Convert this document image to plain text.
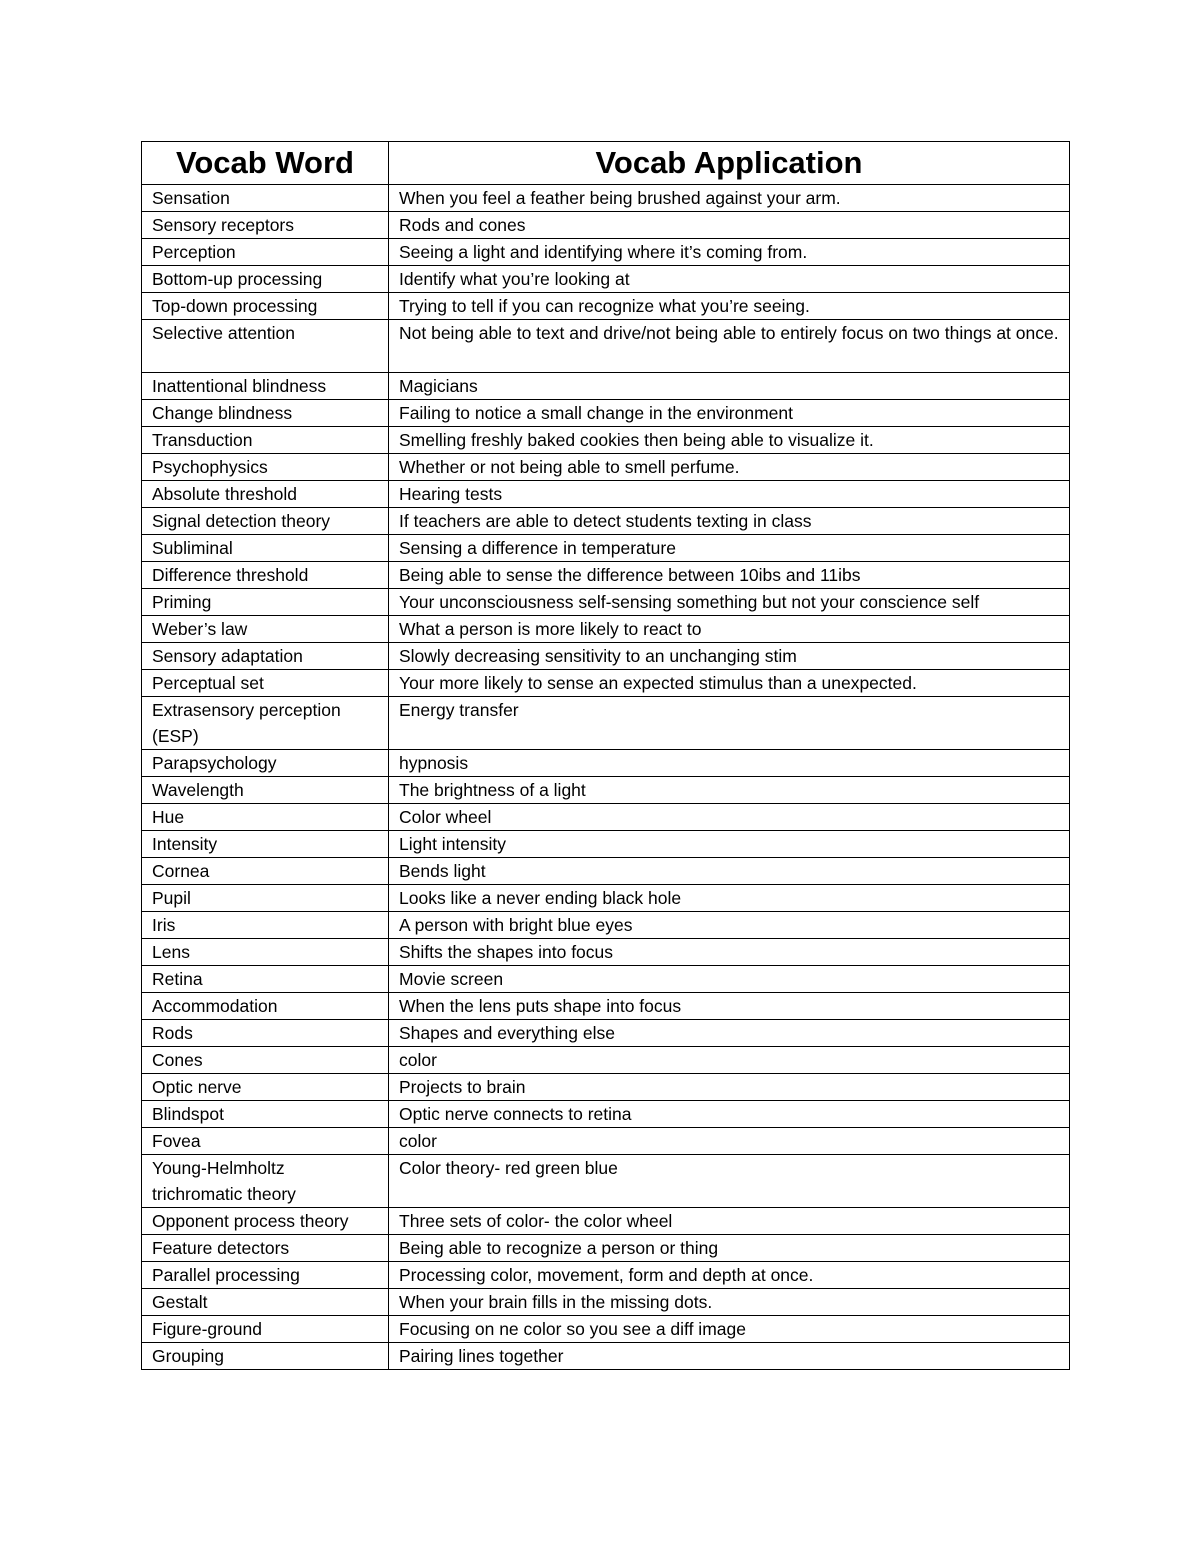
Vocab Word	Vocab Application
Sensation	When you feel a feather being brushed against your arm.
Sensory receptors	Rods and cones
Perception	Seeing a light and identifying where it’s coming from.
Bottom-up processing	Identify what you’re looking at
Top-down processing	Trying to tell if you can recognize what you’re seeing.
Selective attention	Not being able to text and drive/not being able to entirely focus on two things at once.
Inattentional blindness	Magicians
Change blindness	Failing to notice a small change in the environment
Transduction	Smelling freshly baked cookies then being able to visualize it.
Psychophysics	Whether or not being able to smell perfume.
Absolute threshold	Hearing tests
Signal detection theory	If teachers are able to detect students texting in class
Subliminal	Sensing a difference in temperature
Difference threshold	Being able to sense the difference between 10ibs and 11ibs
Priming	Your unconsciousness self-sensing something but not your conscience self
Weber’s law	What a person is more likely to react to
Sensory adaptation	Slowly decreasing sensitivity to an unchanging stim
Perceptual set	Your more likely to sense an expected stimulus than a unexpected.
Extrasensory perception (ESP)	Energy transfer
Parapsychology	hypnosis
Wavelength	The brightness of a light
Hue	Color wheel
Intensity	Light intensity
Cornea	Bends light
Pupil	Looks like a never ending black hole
Iris	A person with bright blue eyes
Lens	Shifts the shapes into focus
Retina	Movie screen
Accommodation	When the lens puts shape into focus
Rods	Shapes and everything else
Cones	color
Optic nerve	Projects to brain
Blindspot	Optic nerve connects to retina
Fovea	color
Young-Helmholtz trichromatic theory	Color theory- red green blue
Opponent process theory	Three sets of color- the color wheel
Feature detectors	Being able to recognize a person or thing
Parallel processing	Processing color, movement, form and depth at once.
Gestalt	When your brain fills in the missing dots.
Figure-ground	Focusing on ne color so you see a diff image
Grouping	Pairing lines together
